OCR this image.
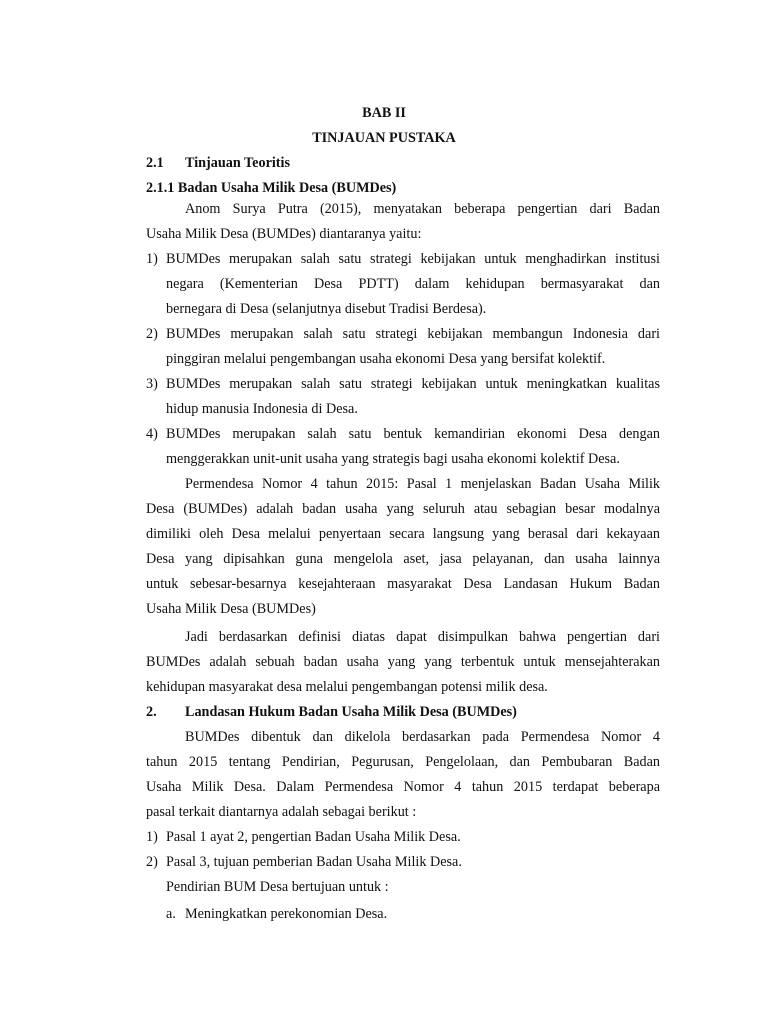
BAB II
TINJAUAN PUSTAKA
2.1 Tinjauan Teoritis
2.1.1 Badan Usaha Milik Desa (BUMDes)
Anom Surya Putra (2015), menyatakan beberapa pengertian dari Badan
Usaha Milik Desa (BUMDes) diantaranya yaitu:
1) BUMDes merupakan salah satu strategi kebijakan untuk menghadirkan institusi
negara (Kementerian Desa PDTT) dalam kehidupan bermasyarakat dan
bernegara di Desa (selanjutnya disebut Tradisi Berdesa).
2) BUMDes merupakan salah satu strategi kebijakan membangun Indonesia dari
pinggiran melalui pengembangan usaha ekonomi Desa yang bersifat kolektif.
3) BUMDes merupakan salah satu strategi kebijakan untuk meningkatkan kualitas
hidup manusia Indonesia di Desa.
4) BUMDes merupakan salah satu bentuk kemandirian ekonomi Desa dengan
menggerakkan unit-unit usaha yang strategis bagi usaha ekonomi kolektif Desa.
Permendesa Nomor 4 tahun 2015: Pasal 1 menjelaskan Badan Usaha Milik
Desa (BUMDes) adalah badan usaha yang seluruh atau sebagian besar modalnya
dimiliki oleh Desa melalui penyertaan secara langsung yang berasal dari kekayaan
Desa yang dipisahkan guna mengelola aset, jasa pelayanan, dan usaha lainnya
untuk sebesar-besarnya kesejahteraan masyarakat Desa Landasan Hukum Badan
Usaha Milik Desa (BUMDes)
Jadi berdasarkan definisi diatas dapat disimpulkan bahwa pengertian dari
BUMDes adalah sebuah badan usaha yang yang terbentuk untuk mensejahterakan
kehidupan masyarakat desa melalui pengembangan potensi milik desa.
2. Landasan Hukum Badan Usaha Milik Desa (BUMDes)
BUMDes dibentuk dan dikelola berdasarkan pada Permendesa Nomor 4
tahun 2015 tentang Pendirian, Pegurusan, Pengelolaan, dan Pembubaran Badan
Usaha Milik Desa. Dalam Permendesa Nomor 4 tahun 2015 terdapat beberapa
pasal terkait diantarnya adalah sebagai berikut :
1) Pasal 1 ayat 2, pengertian Badan Usaha Milik Desa.
2) Pasal 3, tujuan pemberian Badan Usaha Milik Desa.
Pendirian BUM Desa bertujuan untuk :
a. Meningkatkan perekonomian Desa.
